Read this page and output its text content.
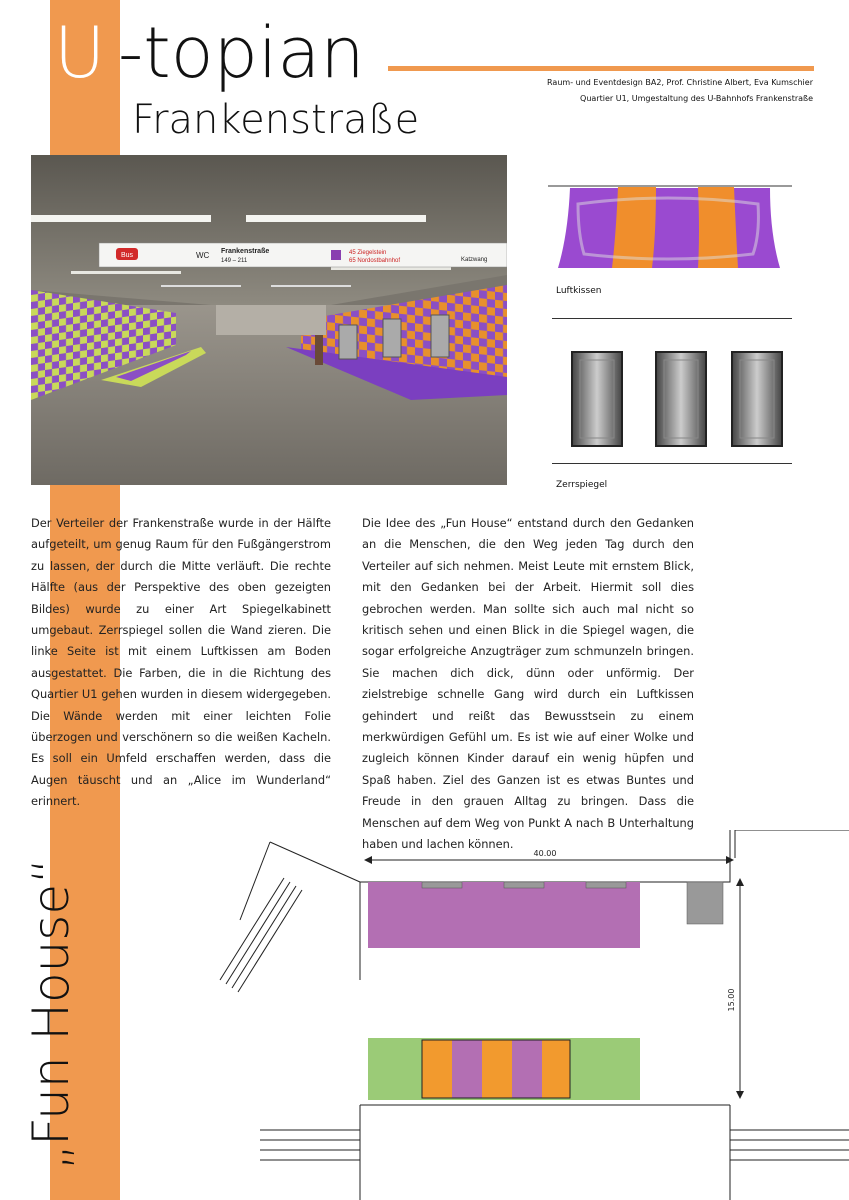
U -topian
Frankenstraße
Raum- und Eventdesign BA2, Prof. Christine Albert, Eva Kumschier
Quartier U1, Umgestaltung des U-Bahnhofs Frankenstraße
Bus	WC Frankenstraße
149 – 211
45 Ziegelstein
65 Nordostbahnhof	Katzwang
Luftkissen
Zerrspiegel

Der Verteiler der Frankenstraße wurde in der Hälfte aufgeteilt, um genug Raum für den Fußgängerstrom zu lassen, der durch die Mitte verläuft. Die rechte Hälfte (aus der Perspektive des oben gezeigten Bildes) wurde zu einer Art Spiegelkabinett umgebaut. Zerrspiegel sollen die Wand zieren. Die linke Seite ist mit einem Luftkissen am Boden ausgestattet. Die Farben, die in die Richtung des Quartier U1 gehen wurden in diesem widergegeben. Die Wände werden mit einer leichten Folie überzogen und verschönern so die weißen Kacheln. Es soll ein Umfeld erschaffen werden, dass die Augen täuscht und an „Alice im Wunderland“ erinnert.

Die Idee des „Fun House“ entstand durch den Gedanken an die Menschen, die den Weg jeden Tag durch den Verteiler auf sich nehmen. Meist Leute mit ernstem Blick, mit den Gedanken bei der Arbeit. Hiermit soll dies gebrochen werden. Man sollte sich auch mal nicht so kritisch sehen und einen Blick in die Spiegel wagen, die sogar erfolgreiche Anzugträger zum schmunzeln bringen. Sie machen dich dick, dünn oder unförmig. Der zielstrebige schnelle Gang wird durch ein Luftkissen gehindert und reißt das Bewusstsein zu einem merkwürdigen Gefühl um. Es ist wie auf einer Wolke und zugleich können Kinder darauf ein wenig hüpfen und Spaß haben. Ziel des Ganzen ist es etwas Buntes und Freude in den grauen Alltag zu bringen. Dass die Menschen auf dem Weg von Punkt A nach B Unterhaltung haben und lachen können.

„Fun House“
40.00
15.00
